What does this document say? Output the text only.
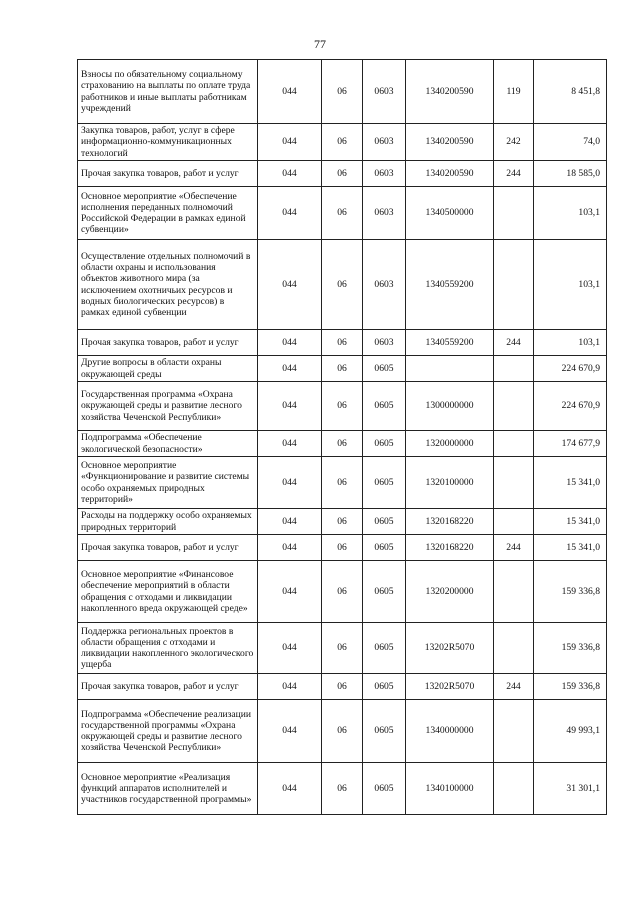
77
Взносы по обязательному социальному страхованию на выплаты по оплате труда работников и иные выплаты работникам учреждений	044	06	0603	1340200590	119	8 451,8
Закупка товаров, работ, услуг в сфере информационно-коммуникационных технологий	044	06	0603	1340200590	242	74,0
Прочая закупка товаров, работ и услуг	044	06	0603	1340200590	244	18 585,0
Основное мероприятие «Обеспечение исполнения переданных полномочий Российской Федерации в рамках единой субвенции»	044	06	0603	1340500000		103,1
Осуществление отдельных полномочий в области охраны и использования объектов животного мира (за исключением охотничьих ресурсов и водных биологических ресурсов) в рамках единой субвенции	044	06	0603	1340559200		103,1
Прочая закупка товаров, работ и услуг	044	06	0603	1340559200	244	103,1
Другие вопросы в области охраны окружающей среды	044	06	0605			224 670,9
Государственная программа «Охрана окружающей среды и развитие лесного хозяйства Чеченской Республики»	044	06	0605	1300000000		224 670,9
Подпрограмма «Обеспечение экологической безопасности»	044	06	0605	1320000000		174 677,9
Основное мероприятие «Функционирование и развитие системы особо охраняемых природных территорий»	044	06	0605	1320100000		15 341,0
Расходы на поддержку особо охраняемых природных территорий	044	06	0605	1320168220		15 341,0
Прочая закупка товаров, работ и услуг	044	06	0605	1320168220	244	15 341,0
Основное мероприятие «Финансовое обеспечение мероприятий в области обращения с отходами и ликвидации накопленного вреда окружающей среде»	044	06	0605	1320200000		159 336,8
Поддержка региональных проектов в области обращения с отходами и ликвидации накопленного экологического ущерба	044	06	0605	13202R5070		159 336,8
Прочая закупка товаров, работ и услуг	044	06	0605	13202R5070	244	159 336,8
Подпрограмма «Обеспечение реализации государственной программы «Охрана окружающей среды и развитие лесного хозяйства Чеченской Республики»	044	06	0605	1340000000		49 993,1
Основное мероприятие «Реализация функций аппаратов исполнителей и участников государственной программы»	044	06	0605	1340100000		31 301,1
